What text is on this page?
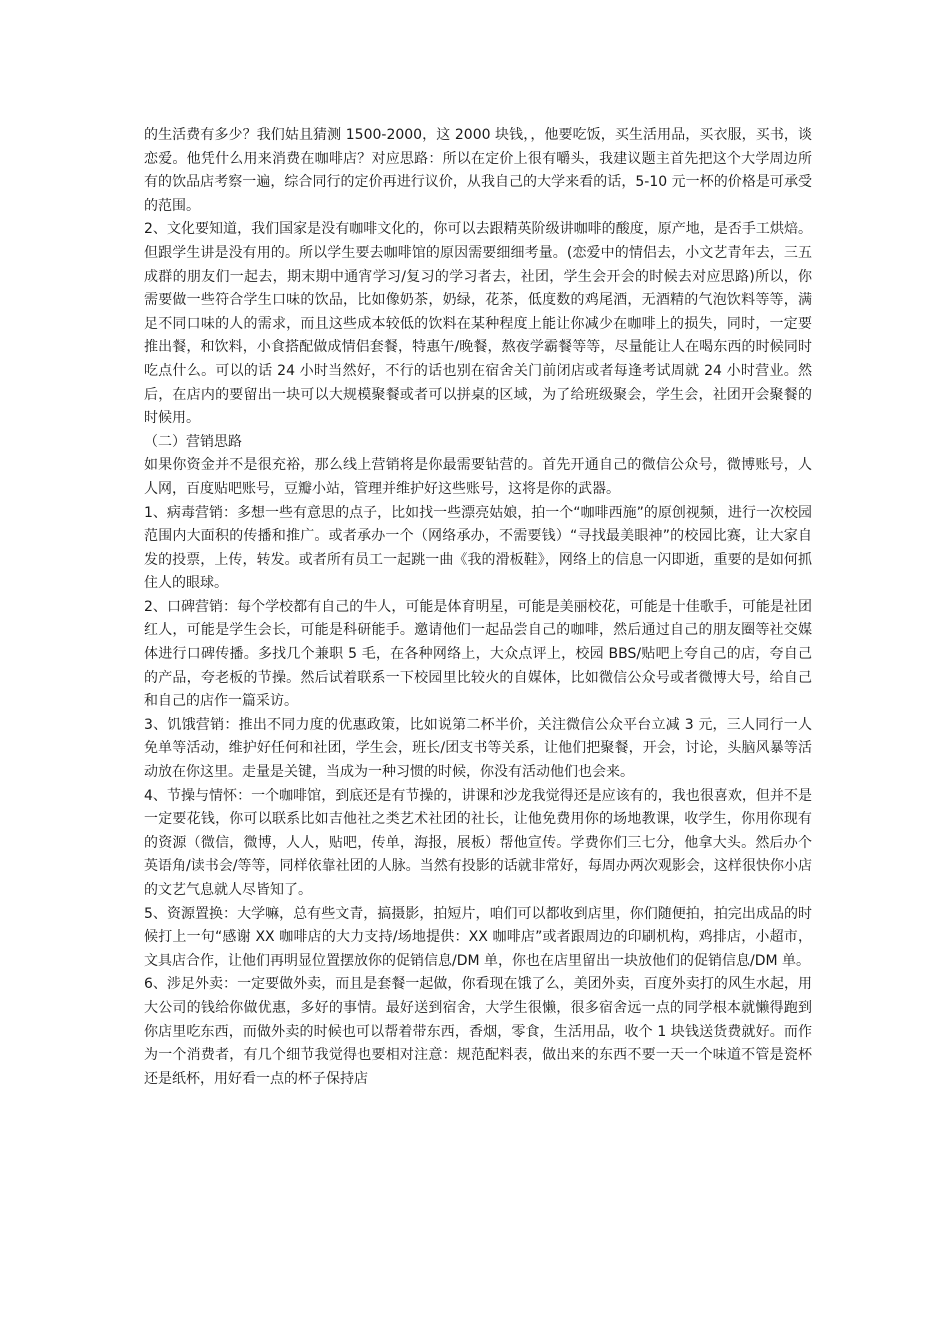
的生活费有多少？我们姑且猜测 1500-2000，这 2000 块钱，，他要吃饭，买生活用品，买衣服，买书，谈恋爱。他凭什么用来消费在咖啡店？对应思路：所以在定价上很有嚼头，我建议题主首先把这个大学周边所有的饮品店考察一遍，综合同行的定价再进行议价，从我自己的大学来看的话，5-10 元一杯的价格是可承受的范围。

2、文化要知道，我们国家是没有咖啡文化的，你可以去跟精英阶级讲咖啡的酸度，原产地，是否手工烘焙。但跟学生讲是没有用的。所以学生要去咖啡馆的原因需要细细考量。(恋爱中的情侣去，小文艺青年去，三五成群的朋友们一起去，期末期中通宵学习/复习的学习者去，社团，学生会开会的时候去对应思路)所以，你需要做一些符合学生口味的饮品，比如像奶茶，奶绿，花茶，低度数的鸡尾酒，无酒精的气泡饮料等等，满足不同口味的人的需求，而且这些成本较低的饮料在某种程度上能让你减少在咖啡上的损失，同时，一定要推出餐，和饮料，小食搭配做成情侣套餐，特惠午/晚餐，熬夜学霸餐等等，尽量能让人在喝东西的时候同时吃点什么。可以的话 24 小时当然好，不行的话也别在宿舍关门前闭店或者每逢考试周就 24 小时营业。然后，在店内的要留出一块可以大规模聚餐或者可以拼桌的区域，为了给班级聚会，学生会，社团开会聚餐的时候用。

（二）营销思路

如果你资金并不是很充裕，那么线上营销将是你最需要钻营的。首先开通自己的微信公众号，微博账号，人人网，百度贴吧账号，豆瓣小站，管理并维护好这些账号，这将是你的武器。

1、病毒营销：多想一些有意思的点子，比如找一些漂亮姑娘，拍一个“咖啡西施”的原创视频，进行一次校园范围内大面积的传播和推广。或者承办一个（网络承办，不需要钱）“寻找最美眼神”的校园比赛，让大家自发的投票，上传，转发。或者所有员工一起跳一曲《我的滑板鞋》，网络上的信息一闪即逝，重要的是如何抓住人的眼球。

2、口碑营销：每个学校都有自己的牛人，可能是体育明星，可能是美丽校花，可能是十佳歌手，可能是社团红人，可能是学生会长，可能是科研能手。邀请他们一起品尝自己的咖啡，然后通过自己的朋友圈等社交媒体进行口碑传播。多找几个兼职 5 毛，在各种网络上，大众点评上，校园 BBS/贴吧上夸自己的店，夸自己的产品，夸老板的节操。然后试着联系一下校园里比较火的自媒体，比如微信公众号或者微博大号，给自己和自己的店作一篇采访。

3、饥饿营销：推出不同力度的优惠政策，比如说第二杯半价，关注微信公众平台立减 3 元，三人同行一人免单等活动，维护好任何和社团，学生会，班长/团支书等关系，让他们把聚餐，开会，讨论，头脑风暴等活动放在你这里。走量是关键，当成为一种习惯的时候，你没有活动他们也会来。

4、节操与情怀：一个咖啡馆，到底还是有节操的，讲课和沙龙我觉得还是应该有的，我也很喜欢，但并不是一定要花钱，你可以联系比如吉他社之类艺术社团的社长，让他免费用你的场地教课，收学生，你用你现有的资源（微信，微博，人人，贴吧，传单，海报，展板）帮他宣传。学费你们三七分，他拿大头。然后办个英语角/读书会/等等，同样依靠社团的人脉。当然有投影的话就非常好，每周办两次观影会，这样很快你小店的文艺气息就人尽皆知了。

5、资源置换：大学嘛，总有些文青，搞摄影，拍短片，咱们可以都收到店里，你们随便拍，拍完出成品的时候打上一句“感谢 XX 咖啡店的大力支持/场地提供：XX 咖啡店”或者跟周边的印刷机构，鸡排店，小超市，文具店合作，让他们再明显位置摆放你的促销信息/DM 单，你也在店里留出一块放他们的促销信息/DM 单。

6、涉足外卖：一定要做外卖，而且是套餐一起做，你看现在饿了么，美团外卖，百度外卖打的风生水起，用大公司的钱给你做优惠，多好的事情。最好送到宿舍，大学生很懒，很多宿舍远一点的同学根本就懒得跑到你店里吃东西，而做外卖的时候也可以帮着带东西，香烟，零食，生活用品，收个 1 块钱送货费就好。而作为一个消费者，有几个细节我觉得也要相对注意：规范配料表，做出来的东西不要一天一个味道不管是瓷杯还是纸杯，用好看一点的杯子保持店
